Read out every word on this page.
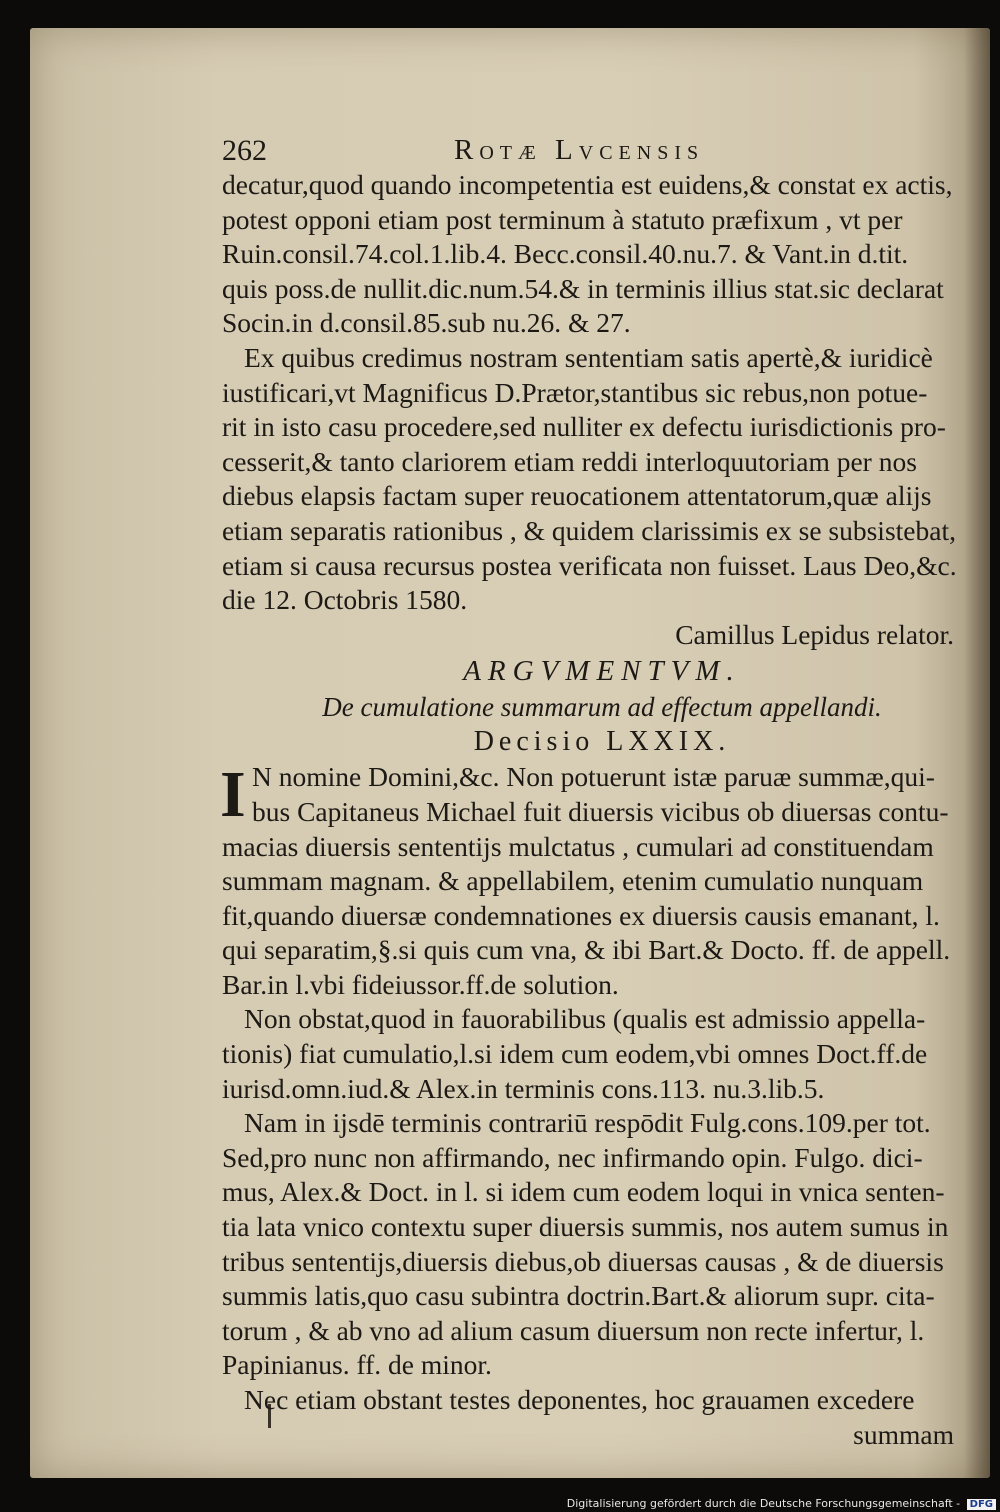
262	Rotæ Lvcensis
decatur,quod quando incompetentia est euidens,& constat ex actis,
potest opponi etiam post terminum à statuto præfixum , vt per
Ruin.consil.74.col.1.lib.4. Becc.consil.40.nu.7. & Vant.in d.tit.
quis poss.de nullit.dic.num.54.& in terminis illius stat.sic declarat
Socin.in d.consil.85.sub nu.26. & 27.
Ex quibus credimus nostram sententiam satis apertè,& iuridicè
iustificari,vt Magnificus D.Prætor,stantibus sic rebus,non potue-
rit in isto casu procedere,sed nulliter ex defectu iurisdictionis pro-
cesserit,& tanto clariorem etiam reddi interloquutoriam per nos
diebus elapsis factam super reuocationem attentatorum,quæ alijs
etiam separatis rationibus , & quidem clarissimis ex se subsistebat,
etiam si causa recursus postea verificata non fuisset. Laus Deo,&c.
die 12. Octobris 1580.
Camillus Lepidus relator.
ARGVMENTVM.
De cumulatione summarum ad effectum appellandi.
Decisio LXXIX.
I N nomine Domini,&c. Non potuerunt istæ paruæ summæ,qui-
bus Capitaneus Michael fuit diuersis vicibus ob diuersas contu-
macias diuersis sententijs mulctatus , cumulari ad constituendam
summam magnam. & appellabilem, etenim cumulatio nunquam
fit,quando diuersæ condemnationes ex diuersis causis emanant, l.
qui separatim,§.si quis cum vna, & ibi Bart.& Docto. ff. de appell.
Bar.in l.vbi fideiussor.ff.de solution.
Non obstat,quod in fauorabilibus (qualis est admissio appella-
tionis) fiat cumulatio,l.si idem cum eodem,vbi omnes Doct.ff.de
iurisd.omn.iud.& Alex.in terminis cons.113. nu.3.lib.5.
Nam in ijsdē terminis contrariū respōdit Fulg.cons.109.per tot.
Sed,pro nunc non affirmando, nec infirmando opin. Fulgo. dici-
mus, Alex.& Doct. in l. si idem cum eodem loqui in vnica senten-
tia lata vnico contextu super diuersis summis, nos autem sumus in
tribus sententijs,diuersis diebus,ob diuersas causas , & de diuersis
summis latis,quo casu subintra doctrin.Bart.& aliorum supr. cita-
torum , & ab vno ad alium casum diuersum non recte infertur, l.
Papinianus. ff. de minor.
Nec etiam obstant testes deponentes, hoc grauamen excedere
summam
Digitalisierung gefördert durch die Deutsche Forschungsgemeinschaft - DFG
